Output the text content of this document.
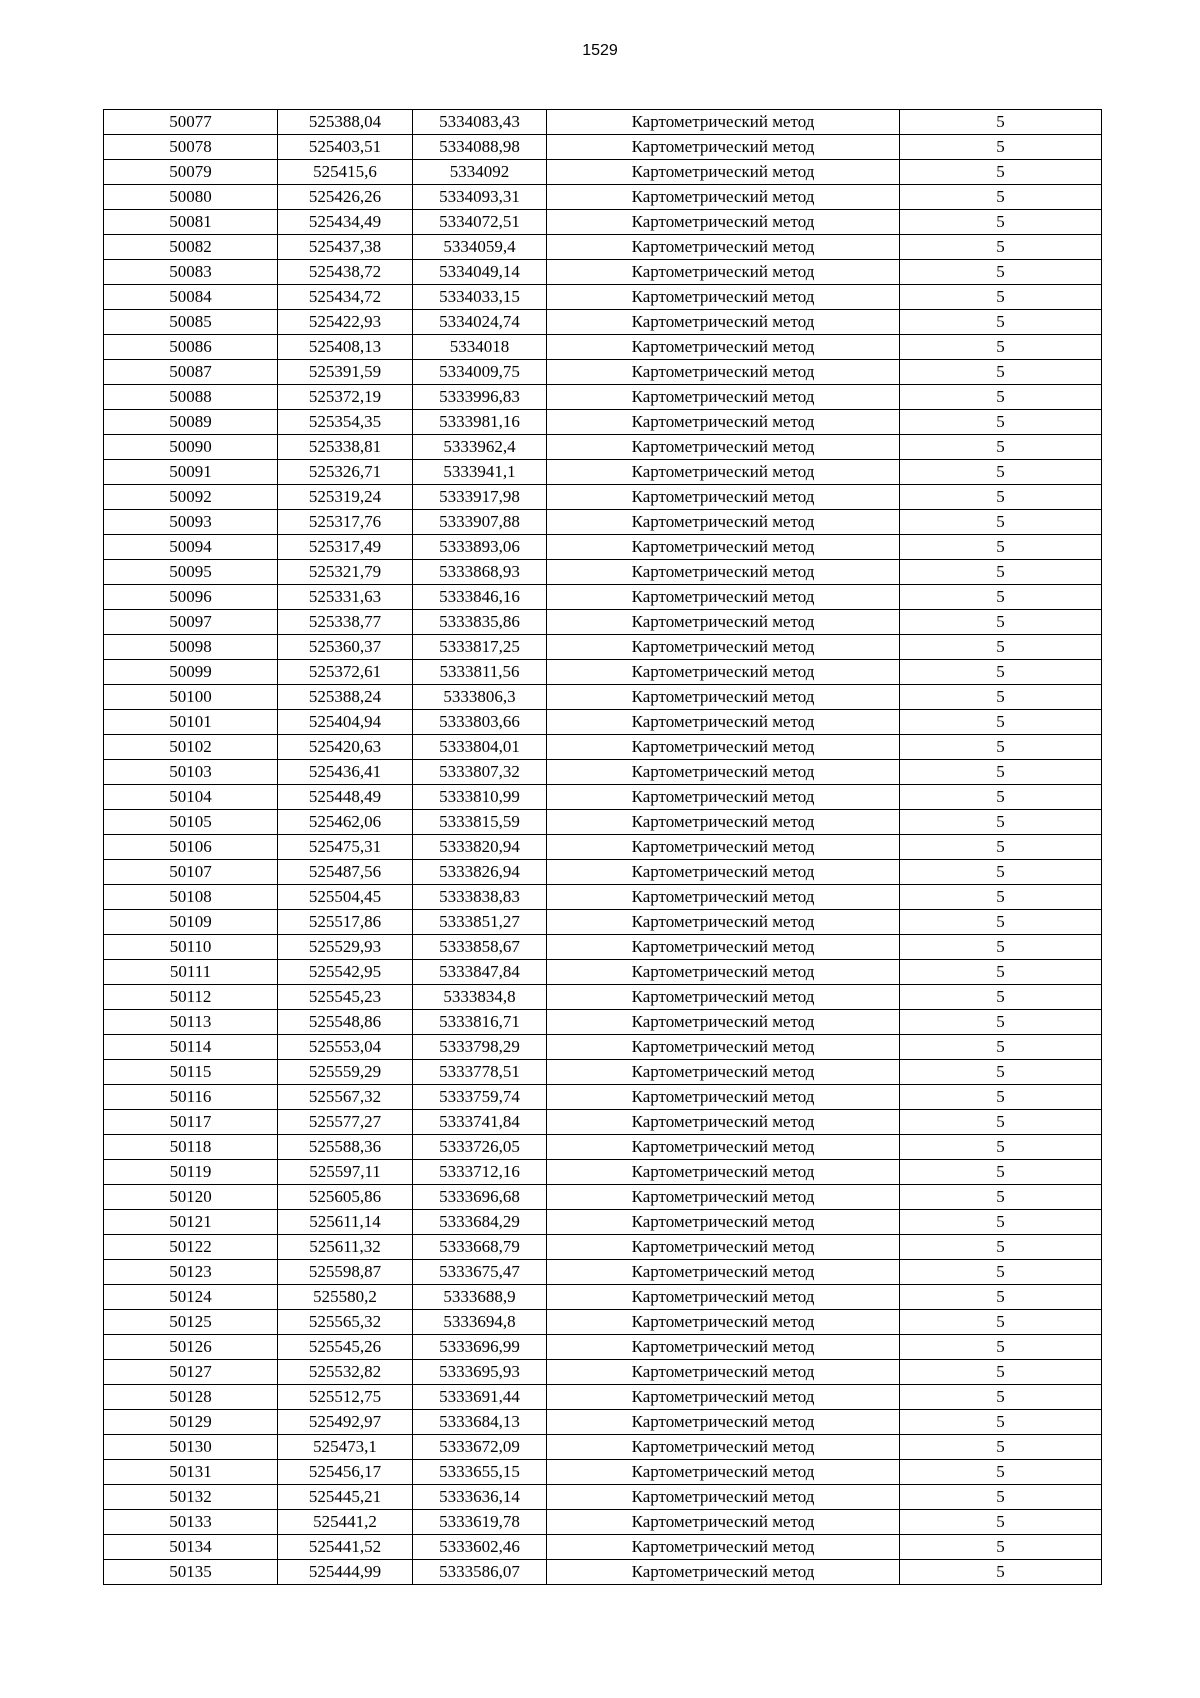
1529
50077	525388,04	5334083,43	Картометрический метод	5
50078	525403,51	5334088,98	Картометрический метод	5
50079	525415,6	5334092	Картометрический метод	5
50080	525426,26	5334093,31	Картометрический метод	5
50081	525434,49	5334072,51	Картометрический метод	5
50082	525437,38	5334059,4	Картометрический метод	5
50083	525438,72	5334049,14	Картометрический метод	5
50084	525434,72	5334033,15	Картометрический метод	5
50085	525422,93	5334024,74	Картометрический метод	5
50086	525408,13	5334018	Картометрический метод	5
50087	525391,59	5334009,75	Картометрический метод	5
50088	525372,19	5333996,83	Картометрический метод	5
50089	525354,35	5333981,16	Картометрический метод	5
50090	525338,81	5333962,4	Картометрический метод	5
50091	525326,71	5333941,1	Картометрический метод	5
50092	525319,24	5333917,98	Картометрический метод	5
50093	525317,76	5333907,88	Картометрический метод	5
50094	525317,49	5333893,06	Картометрический метод	5
50095	525321,79	5333868,93	Картометрический метод	5
50096	525331,63	5333846,16	Картометрический метод	5
50097	525338,77	5333835,86	Картометрический метод	5
50098	525360,37	5333817,25	Картометрический метод	5
50099	525372,61	5333811,56	Картометрический метод	5
50100	525388,24	5333806,3	Картометрический метод	5
50101	525404,94	5333803,66	Картометрический метод	5
50102	525420,63	5333804,01	Картометрический метод	5
50103	525436,41	5333807,32	Картометрический метод	5
50104	525448,49	5333810,99	Картометрический метод	5
50105	525462,06	5333815,59	Картометрический метод	5
50106	525475,31	5333820,94	Картометрический метод	5
50107	525487,56	5333826,94	Картометрический метод	5
50108	525504,45	5333838,83	Картометрический метод	5
50109	525517,86	5333851,27	Картометрический метод	5
50110	525529,93	5333858,67	Картометрический метод	5
50111	525542,95	5333847,84	Картометрический метод	5
50112	525545,23	5333834,8	Картометрический метод	5
50113	525548,86	5333816,71	Картометрический метод	5
50114	525553,04	5333798,29	Картометрический метод	5
50115	525559,29	5333778,51	Картометрический метод	5
50116	525567,32	5333759,74	Картометрический метод	5
50117	525577,27	5333741,84	Картометрический метод	5
50118	525588,36	5333726,05	Картометрический метод	5
50119	525597,11	5333712,16	Картометрический метод	5
50120	525605,86	5333696,68	Картометрический метод	5
50121	525611,14	5333684,29	Картометрический метод	5
50122	525611,32	5333668,79	Картометрический метод	5
50123	525598,87	5333675,47	Картометрический метод	5
50124	525580,2	5333688,9	Картометрический метод	5
50125	525565,32	5333694,8	Картометрический метод	5
50126	525545,26	5333696,99	Картометрический метод	5
50127	525532,82	5333695,93	Картометрический метод	5
50128	525512,75	5333691,44	Картометрический метод	5
50129	525492,97	5333684,13	Картометрический метод	5
50130	525473,1	5333672,09	Картометрический метод	5
50131	525456,17	5333655,15	Картометрический метод	5
50132	525445,21	5333636,14	Картометрический метод	5
50133	525441,2	5333619,78	Картометрический метод	5
50134	525441,52	5333602,46	Картометрический метод	5
50135	525444,99	5333586,07	Картометрический метод	5
